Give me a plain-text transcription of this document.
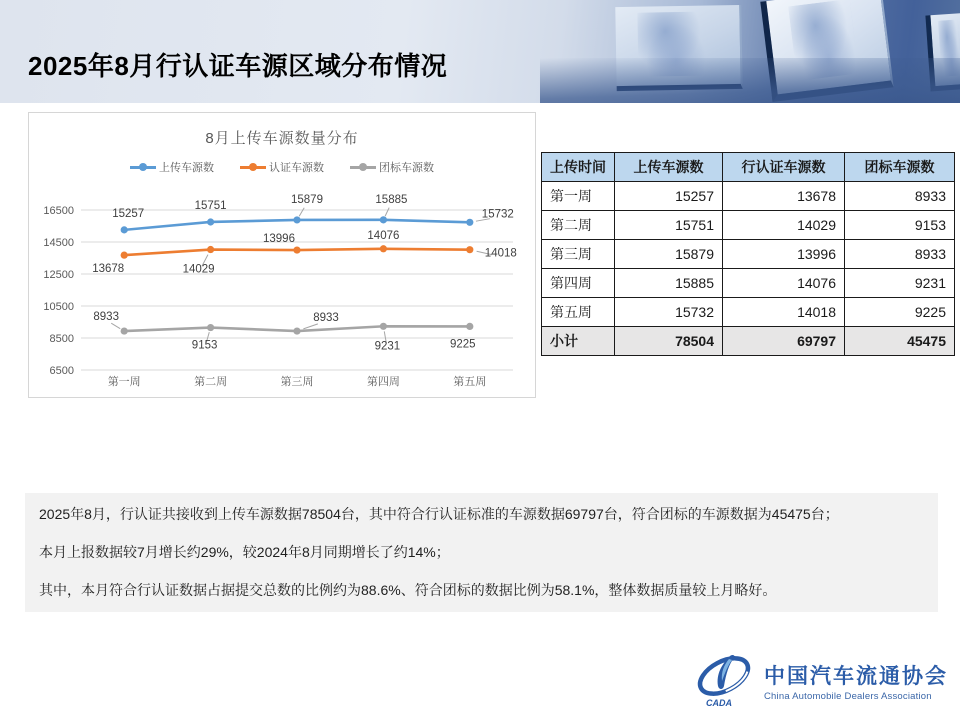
2025年8月行认证车源区域分布情况
8月上传车源数量分布
上传车源数	认证车源数	团标车源数
16500
14500
12500
10500
8500
6500
第一周	第二周	第三周	第四周	第五周
15257
15751
15879	15885
15732
13678	14029
13996	14076
14018
8933
9153
8933
9231	9225
上传时间	上传车源数	行认证车源数	团标车源数
第一周	15257	13678	8933
第二周	15751	14029	9153
第三周	15879	13996	8933
第四周	15885	14076	9231
第五周	15732	14018	9225
小计	78504	69797	45475

2025年8月，行认证共接收到上传车源数据78504台，其中符合行认证标准的车源数据69797台，符合团标的车源数据为45475台；

本月上报数据较7月增长约29%，较2024年8月同期增长了约14%；

其中，本月符合行认证数据占据提交总数的比例约为88.6%、符合团标的数据比例为58.1%，整体数据质量较上月略好。

CADA
中国汽车流通协会
China Automobile Dealers Association
